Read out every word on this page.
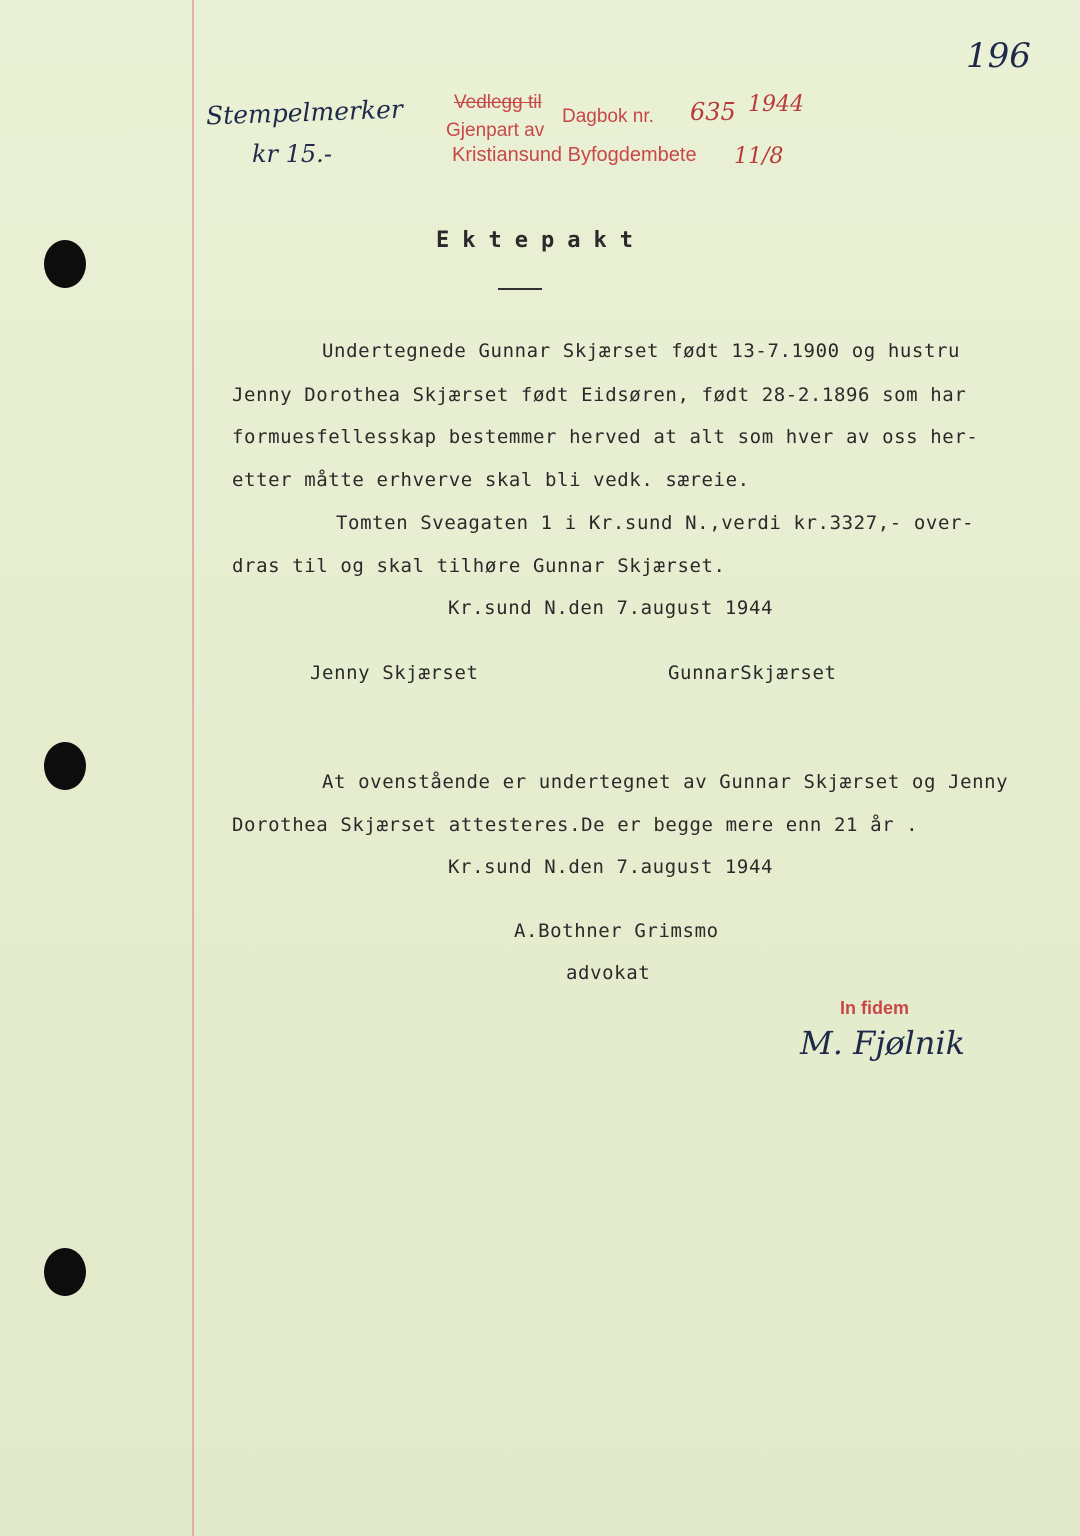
196
Stempelmerker
kr 15.-
Vedlegg til
Dagbok nr. 635 1944
Gjenpart av
Kristiansund Byfogdembete 11/8
Ektepakt
Undertegnede Gunnar Skjærset født 13-7.1900 og hustru
Jenny Dorothea Skjærset født Eidsøren, født 28-2.1896 som har
formuesfellesskap bestemmer herved at alt som hver av oss her-
etter måtte erhverve skal bli vedk. særeie.
Tomten Sveagaten 1 i Kr.sund N.,verdi kr.3327,- over-
dras til og skal tilhøre Gunnar Skjærset.
Kr.sund N.den 7.august 1944
Jenny Skjærset	GunnarSkjærset
At ovenstående er undertegnet av Gunnar Skjærset og Jenny
Dorothea Skjærset attesteres.De er begge mere enn 21 år .
Kr.sund N.den 7.august 1944
A.Bothner Grimsmo
advokat
In fidem
M. Fjølnik
